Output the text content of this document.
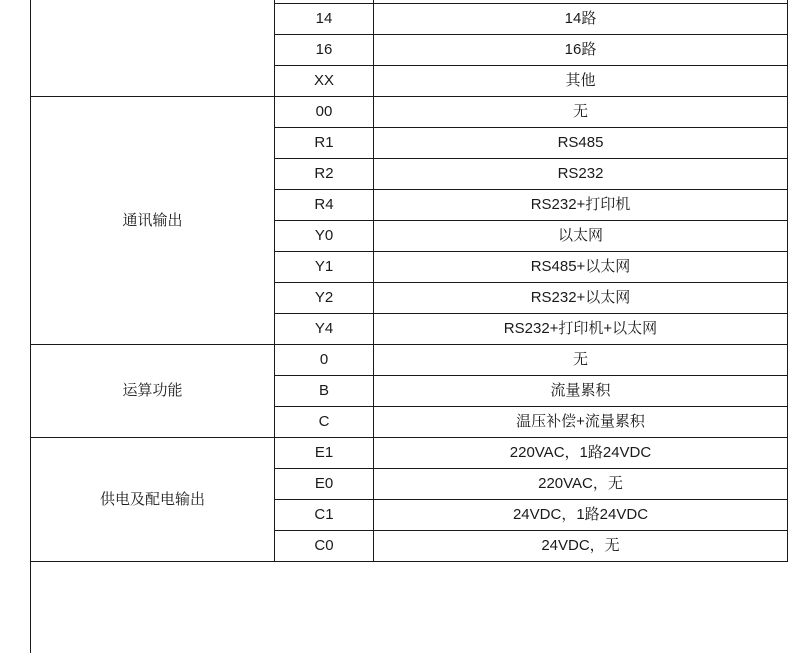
	14	14路
	16	16路
	XX	其他
通讯输出	00	无
	R1	RS485
	R2	RS232
	R4	RS232+打印机
	Y0	以太网
	Y1	RS485+以太网
	Y2	RS232+以太网
	Y4	RS232+打印机+以太网
运算功能	0	无
	B	流量累积
	C	温压补偿+流量累积
供电及配电输出	E1	220VAC，1路24VDC
	E0	220VAC，无
	C1	24VDC，1路24VDC
	C0	24VDC，无
